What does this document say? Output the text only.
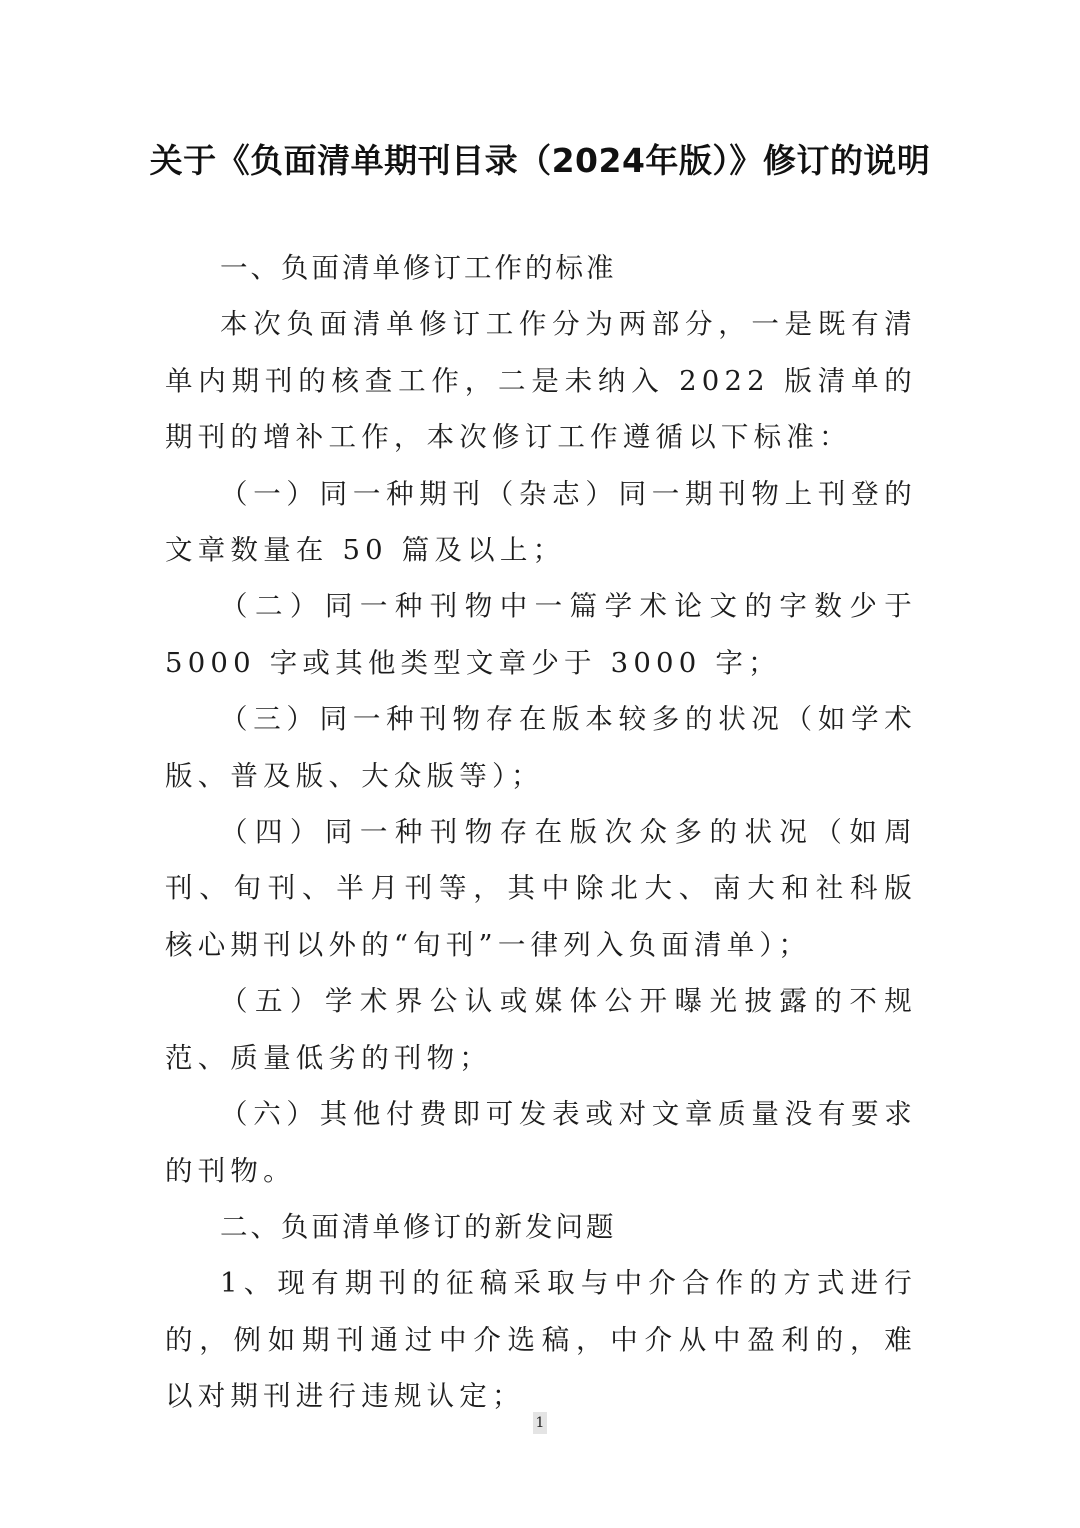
关于《负面清单期刊目录（2024年版）》修订的说明

一、负面清单修订工作的标准

本次负面清单修订工作分为两部分，一是既有清单内期刊的核查工作，二是未纳入 2022 版清单的期刊的增补工作，本次修订工作遵循以下标准：

（一）同一种期刊（杂志）同一期刊物上刊登的文章数量在 50 篇及以上；

（二）同一种刊物中一篇学术论文的字数少于 5000 字或其他类型文章少于 3000 字；

（三）同一种刊物存在版本较多的状况（如学术版、普及版、大众版等）；

（四）同一种刊物存在版次众多的状况（如周刊、旬刊、半月刊等，其中除北大、南大和社科版核心期刊以外的“旬刊”一律列入负面清单）；

（五）学术界公认或媒体公开曝光披露的不规范、质量低劣的刊物；

（六）其他付费即可发表或对文章质量没有要求的刊物。

二、负面清单修订的新发问题

1、现有期刊的征稿采取与中介合作的方式进行的，例如期刊通过中介选稿，中介从中盈利的，难以对期刊进行违规认定；

1
